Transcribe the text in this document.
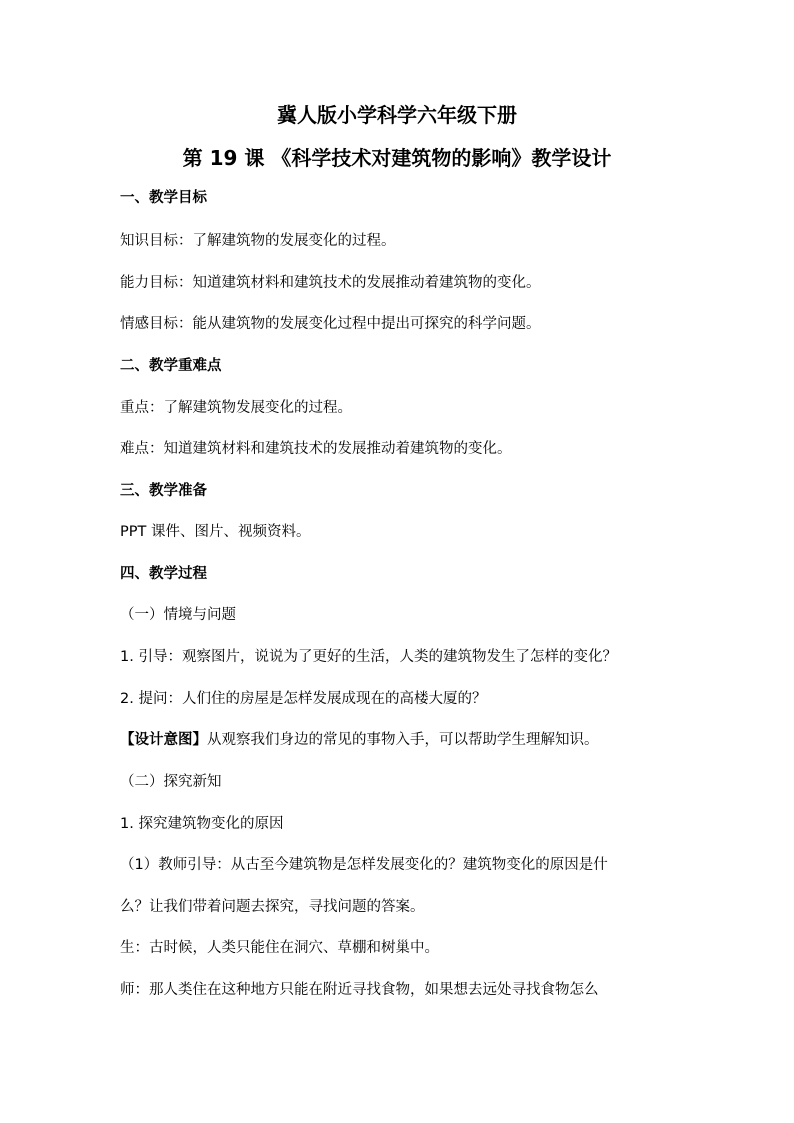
冀人版小学科学六年级下册
第 19 课 《科学技术对建筑物的影响》教学设计
一、教学目标
知识目标：了解建筑物的发展变化的过程。
能力目标：知道建筑材料和建筑技术的发展推动着建筑物的变化。
情感目标：能从建筑物的发展变化过程中提出可探究的科学问题。
二、教学重难点
重点：了解建筑物发展变化的过程。
难点：知道建筑材料和建筑技术的发展推动着建筑物的变化。
三、教学准备
PPT 课件、图片、视频资料。
四、教学过程
（一）情境与问题
1. 引导：观察图片，说说为了更好的生活，人类的建筑物发生了怎样的变化？
2. 提问：人们住的房屋是怎样发展成现在的高楼大厦的？
【设计意图】从观察我们身边的常见的事物入手，可以帮助学生理解知识。
（二）探究新知
1. 探究建筑物变化的原因
（1）教师引导：从古至今建筑物是怎样发展变化的？建筑物变化的原因是什
么？让我们带着问题去探究，寻找问题的答案。
生：古时候，人类只能住在洞穴、草棚和树巢中。
师：那人类住在这种地方只能在附近寻找食物，如果想去远处寻找食物怎么
